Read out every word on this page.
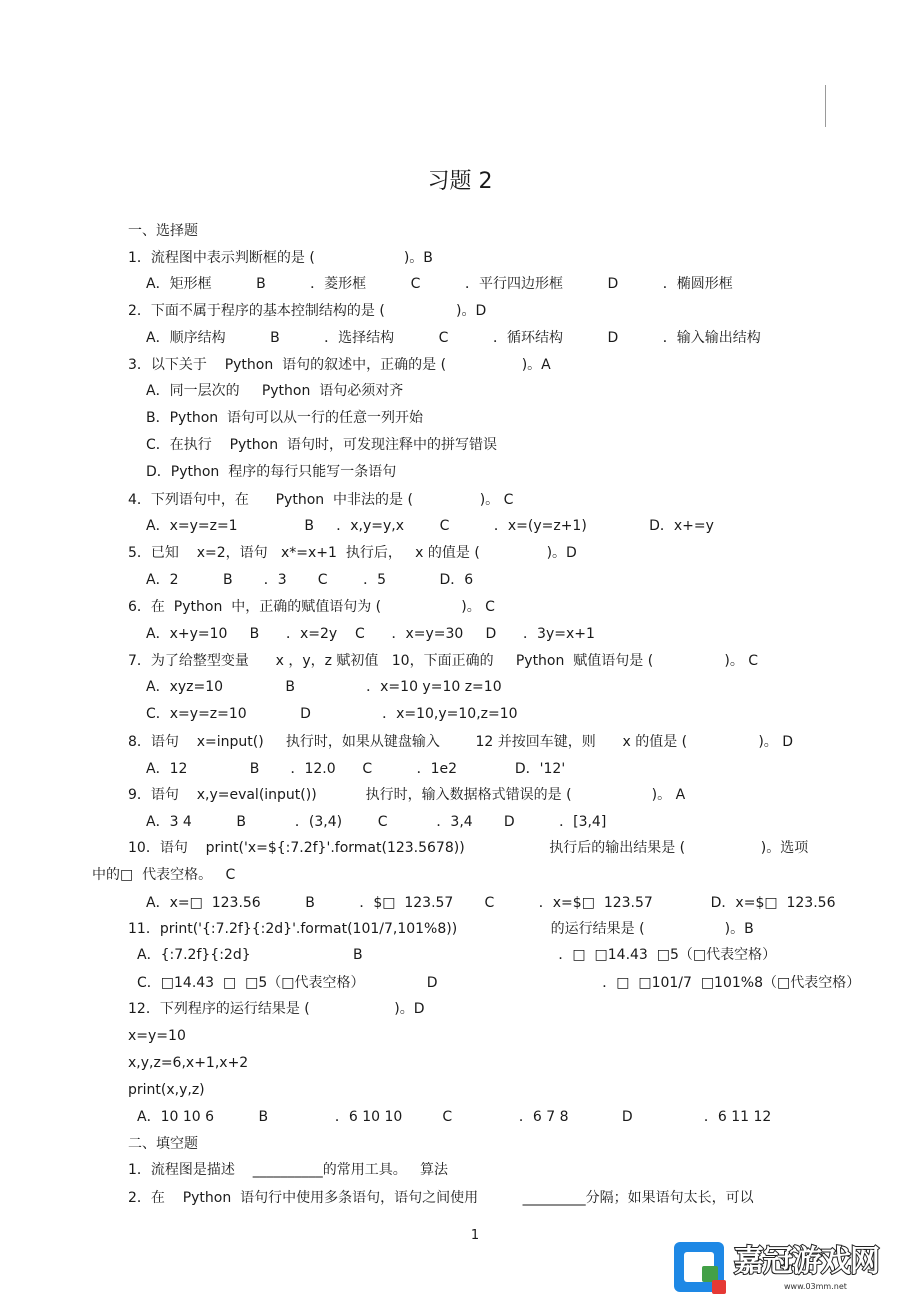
习题 2
一、选择题
1．流程图中表示判断框的是 (                    )。B
A．矩形框          B          ．菱形框          C          ．平行四边形框          D          ．椭圆形框
2．下面不属于程序的基本控制结构的是 (                )。D
A．顺序结构          B          ．选择结构          C          ．循环结构          D          ．输入输出结构
3．以下关于    Python  语句的叙述中，正确的是 (                 )。A
A．同一层次的     Python  语句必须对齐
B．Python  语句可以从一行的任意一列开始
C．在执行    Python  语句时，可发现注释中的拼写错误
D．Python  程序的每行只能写一条语句
4．下列语句中，在      Python  中非法的是 (               )。 C
A．x=y=z=1               B     ．x,y=y,x        C          ．x=(y=z+1)              D．x+=y
5．已知    x=2，语句   x*=x+1  执行后，   x 的值是 (               )。D
A．2          B       ．3       C        ．5            D．6
6．在  Python  中，正确的赋值语句为 (                  )。 C
A．x+y=10     B      ．x=2y    C      ．x=y=30     D      ．3y=x+1
7．为了给整型变量      x ，y，z 赋初值   10，下面正确的     Python  赋值语句是 (                )。 C
A．xyz=10              B                ．x=10 y=10 z=10
C．x=y=z=10            D                ．x=10,y=10,z=10
8．语句    x=input()     执行时，如果从键盘输入        12 并按回车键，则      x 的值是 (                )。 D
A．12              B       ．12.0      C          ．1e2             D．'12'
9．语句    x,y=eval(input())           执行时，输入数据格式错误的是 (                  )。 A
A．3 4          B           ．(3,4)        C           ．3,4       D          ．[3,4]
10．语句    print('x=${:7.2f}'.format(123.5678))                   执行后的输出结果是 (                 )。选项
中的□  代表空格。   C
A．x=□  123.56          B          ．$□  123.57       C          ．x=$□  123.57             D．x=$□  123.56
11．print('{:7.2f}{:2d}'.format(101/7,101%8))                     的运行结果是 (                  )。B
A．{:7.2f}{:2d}                       B                                            ．□  □14.43  □5（□代表空格）
C．□14.43  □  □5（□代表空格）              D                                     ．□  □101/7  □101%8（□代表空格）
12．下列程序的运行结果是 (                   )。D
x=y=10
x,y,z=6,x+1,x+2
print(x,y,z)
A．10 10 6          B               ．6 10 10         C               ．6 7 8            D                ．6 11 12
二、填空题
1．流程图是描述    __________的常用工具。   算法
2．在    Python  语句行中使用多条语句，语句之间使用          _________分隔；如果语句太长，可以
1
嘉冠游戏网
www.03mm.net
